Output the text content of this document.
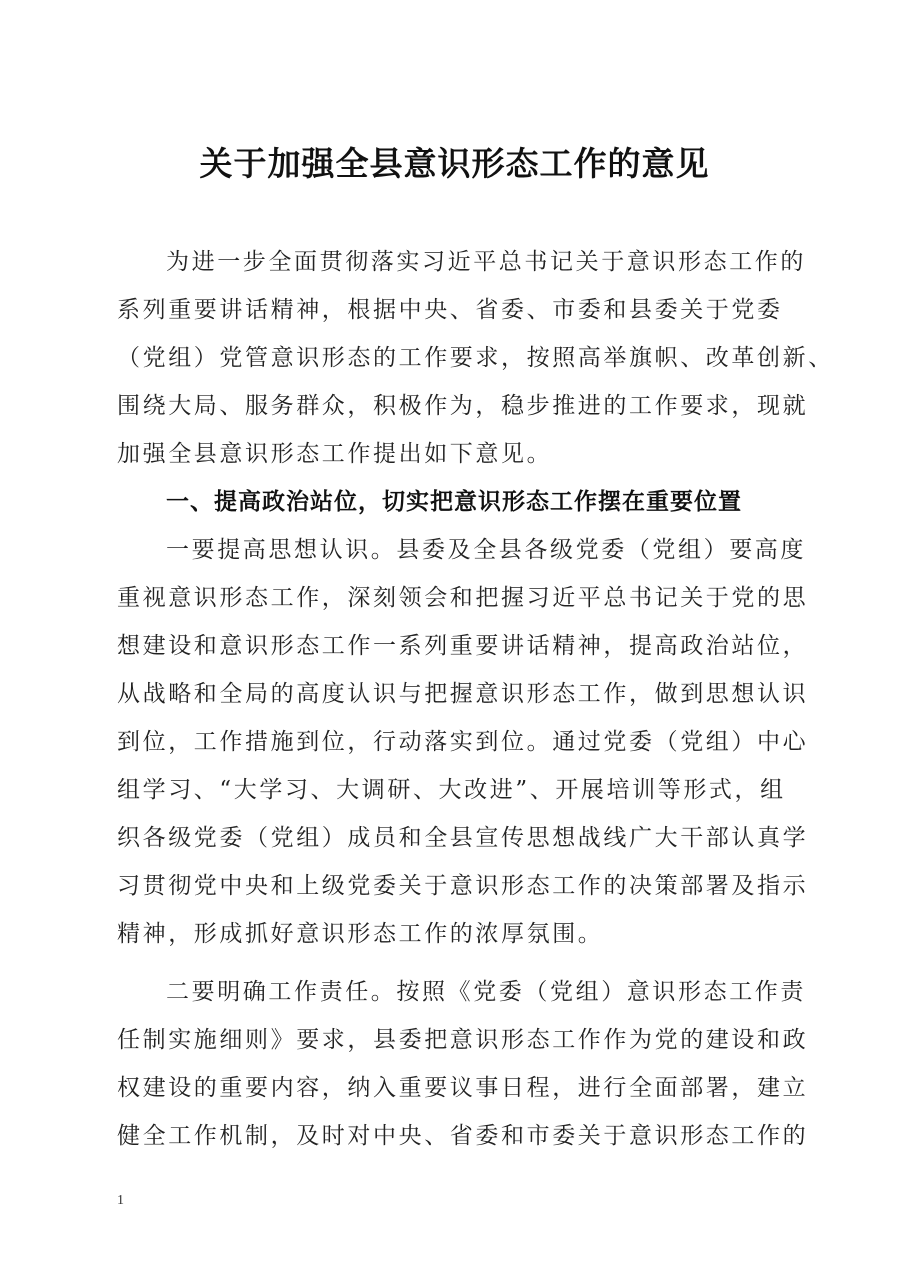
关于加强全县意识形态工作的意见
为进一步全面贯彻落实习近平总书记关于意识形态工作的
系列重要讲话精神，根据中央、省委、市委和县委关于党委
（党组）党管意识形态的工作要求，按照高举旗帜、改革创新、
围绕大局、服务群众，积极作为，稳步推进的工作要求，现就
加强全县意识形态工作提出如下意见。
一、提高政治站位，切实把意识形态工作摆在重要位置
一要提高思想认识。县委及全县各级党委（党组）要高度
重视意识形态工作，深刻领会和把握习近平总书记关于党的思
想建设和意识形态工作一系列重要讲话精神，提高政治站位，
从战略和全局的高度认识与把握意识形态工作，做到思想认识
到位，工作措施到位，行动落实到位。通过党委（党组）中心
组学习、“大学习、大调研、大改进”、开展培训等形式，组
织各级党委（党组）成员和全县宣传思想战线广大干部认真学
习贯彻党中央和上级党委关于意识形态工作的决策部署及指示
精神，形成抓好意识形态工作的浓厚氛围。
二要明确工作责任。按照《党委（党组）意识形态工作责
任制实施细则》要求，县委把意识形态工作作为党的建设和政
权建设的重要内容，纳入重要议事日程，进行全面部署，建立
健全工作机制，及时对中央、省委和市委关于意识形态工作的
1
